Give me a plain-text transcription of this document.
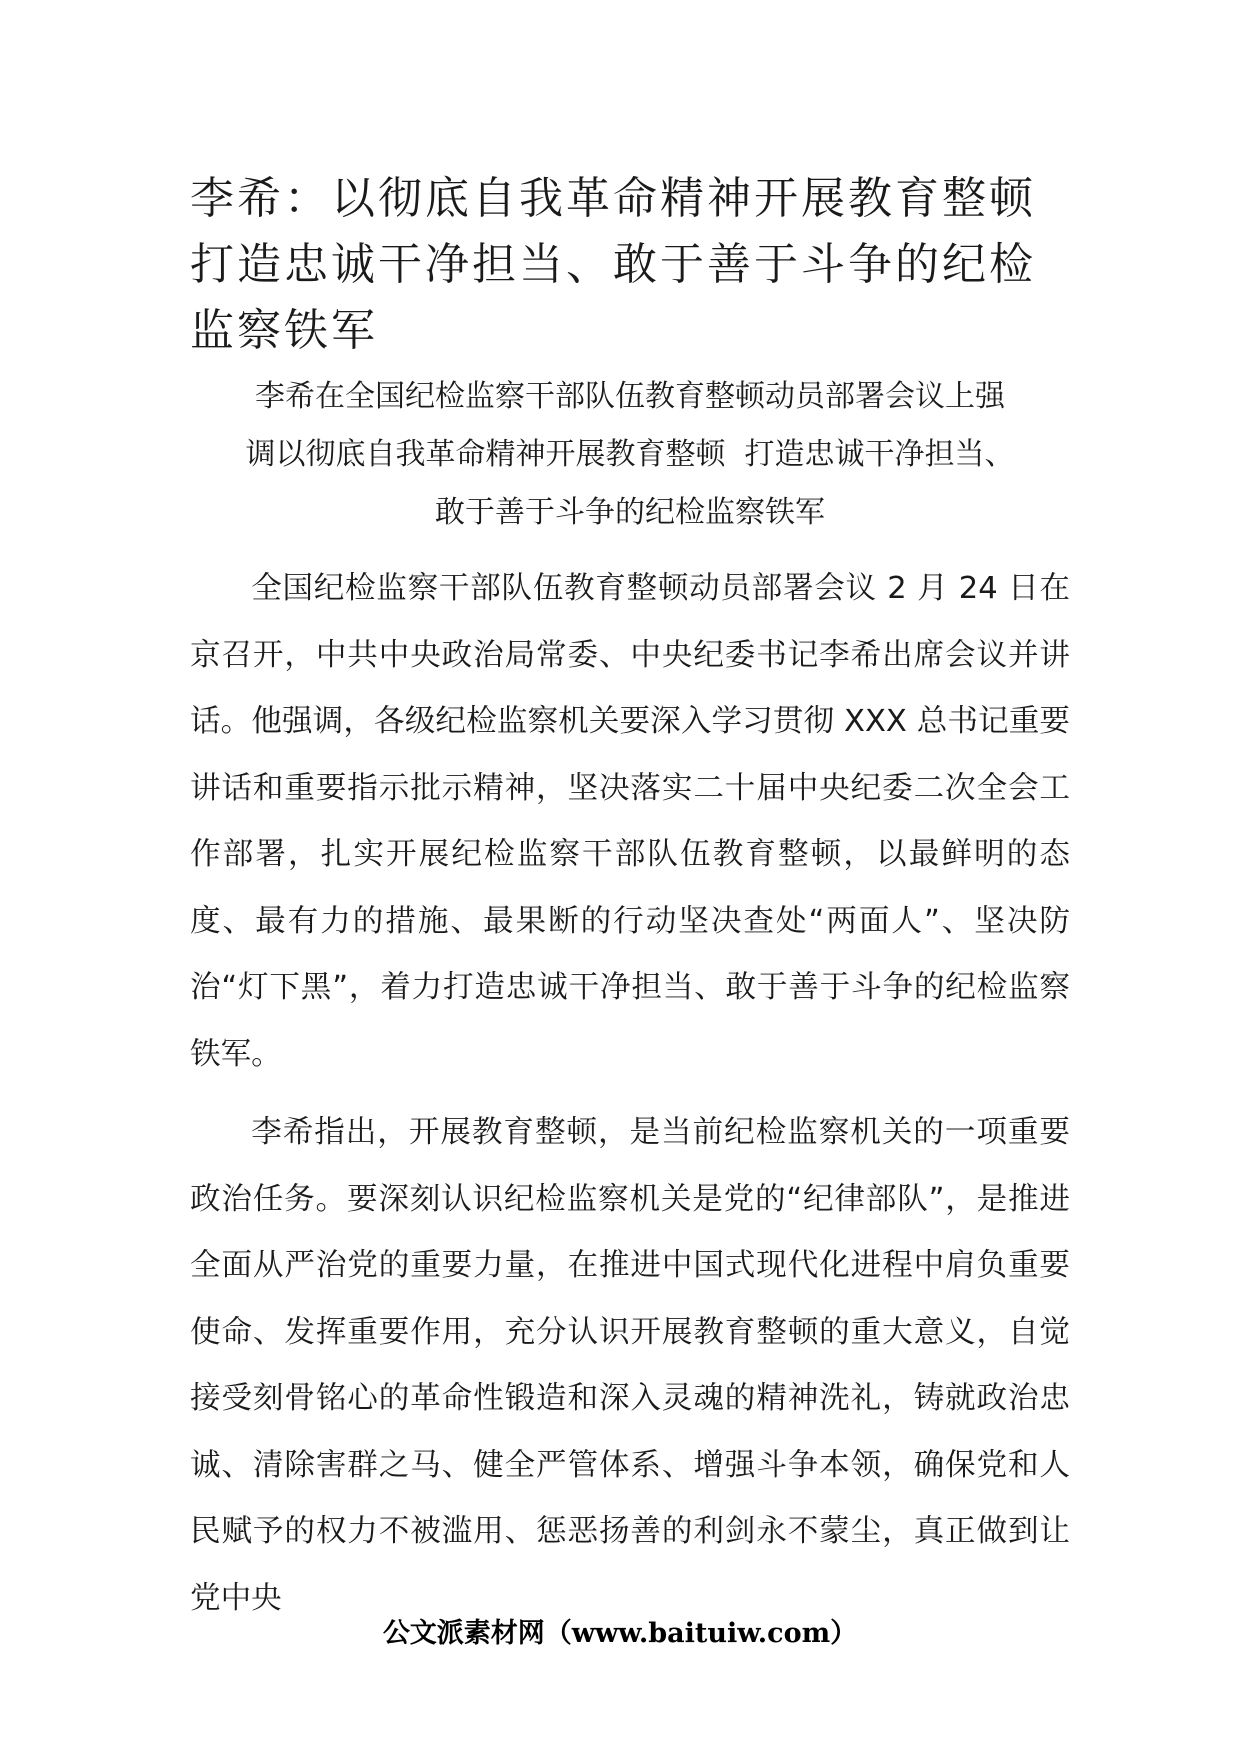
李希：以彻底自我革命精神开展教育整顿打造忠诚干净担当、敢于善于斗争的纪检监察铁军
李希在全国纪检监察干部队伍教育整顿动员部署会议上强
调以彻底自我革命精神开展教育整顿  打造忠诚干净担当、
敢于善于斗争的纪检监察铁军

全国纪检监察干部队伍教育整顿动员部署会议 2 月 24 日在京召开，中共中央政治局常委、中央纪委书记李希出席会议并讲话。他强调，各级纪检监察机关要深入学习贯彻 XXX 总书记重要讲话和重要指示批示精神，坚决落实二十届中央纪委二次全会工作部署，扎实开展纪检监察干部队伍教育整顿，以最鲜明的态度、最有力的措施、最果断的行动坚决查处“两面人”、坚决防治“灯下黑”，着力打造忠诚干净担当、敢于善于斗争的纪检监察铁军。

李希指出，开展教育整顿，是当前纪检监察机关的一项重要政治任务。要深刻认识纪检监察机关是党的“纪律部队”，是推进全面从严治党的重要力量，在推进中国式现代化进程中肩负重要使命、发挥重要作用，充分认识开展教育整顿的重大意义，自觉接受刻骨铭心的革命性锻造和深入灵魂的精神洗礼，铸就政治忠诚、清除害群之马、健全严管体系、增强斗争本领，确保党和人民赋予的权力不被滥用、惩恶扬善的利剑永不蒙尘，真正做到让党中央

公文派素材网（www.baituiw.com）
